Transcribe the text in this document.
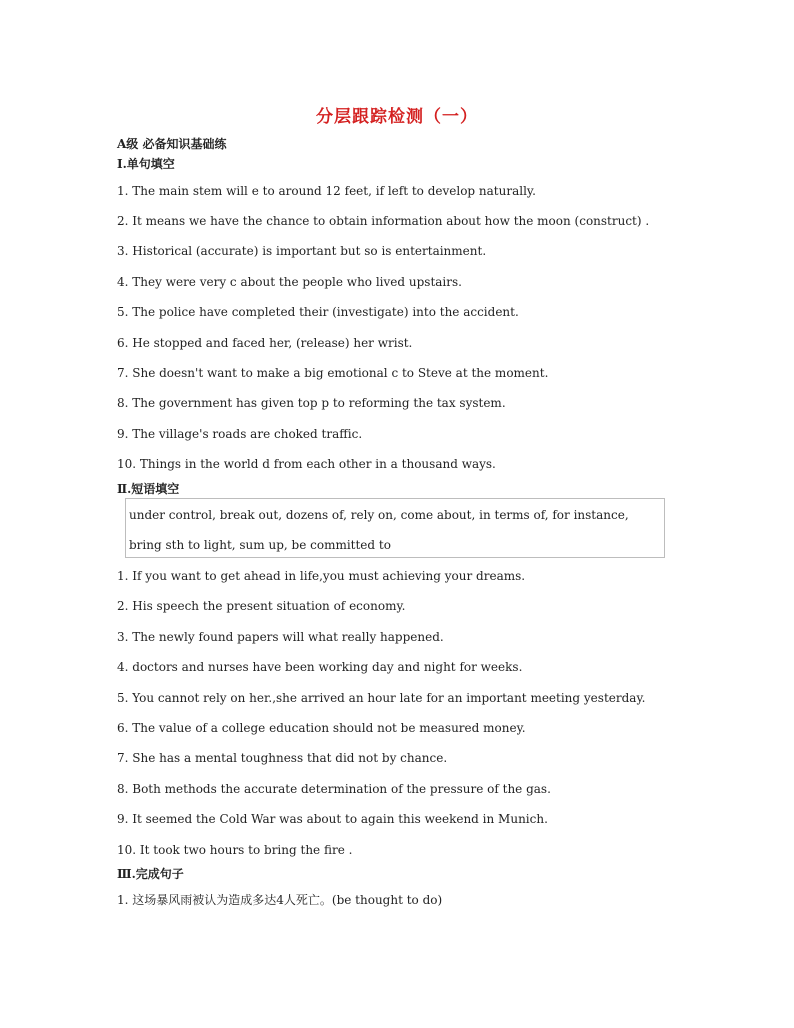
分层跟踪检测（一）
A级 必备知识基础练
Ⅰ.单句填空
1. The main stem will e to around 12 feet, if left to develop naturally.
2. It means we have the chance to obtain information about how the moon (construct) .
3. Historical (accurate) is important but so is entertainment.
4. They were very c about the people who lived upstairs.
5. The police have completed their (investigate) into the accident.
6. He stopped and faced her, (release) her wrist.
7. She doesn't want to make a big emotional c to Steve at the moment.
8. The government has given top p to reforming the tax system.
9. The village's roads are choked traffic.
10. Things in the world d from each other in a thousand ways.
Ⅱ.短语填空
under control, break out, dozens of, rely on, come about, in terms of, for instance,
bring sth to light, sum up, be committed to
1. If you want to get ahead in life,you must achieving your dreams.
2. His speech the present situation of economy.
3. The newly found papers will what really happened.
4. doctors and nurses have been working day and night for weeks.
5. You cannot rely on her.,she arrived an hour late for an important meeting yesterday.
6. The value of a college education should not be measured money.
7. She has a mental toughness that did not by chance.
8. Both methods the accurate determination of the pressure of the gas.
9. It seemed the Cold War was about to again this weekend in Munich.
10. It took two hours to bring the fire .
Ⅲ.完成句子
1. 这场暴风雨被认为造成多达4人死亡。(be thought to do)
